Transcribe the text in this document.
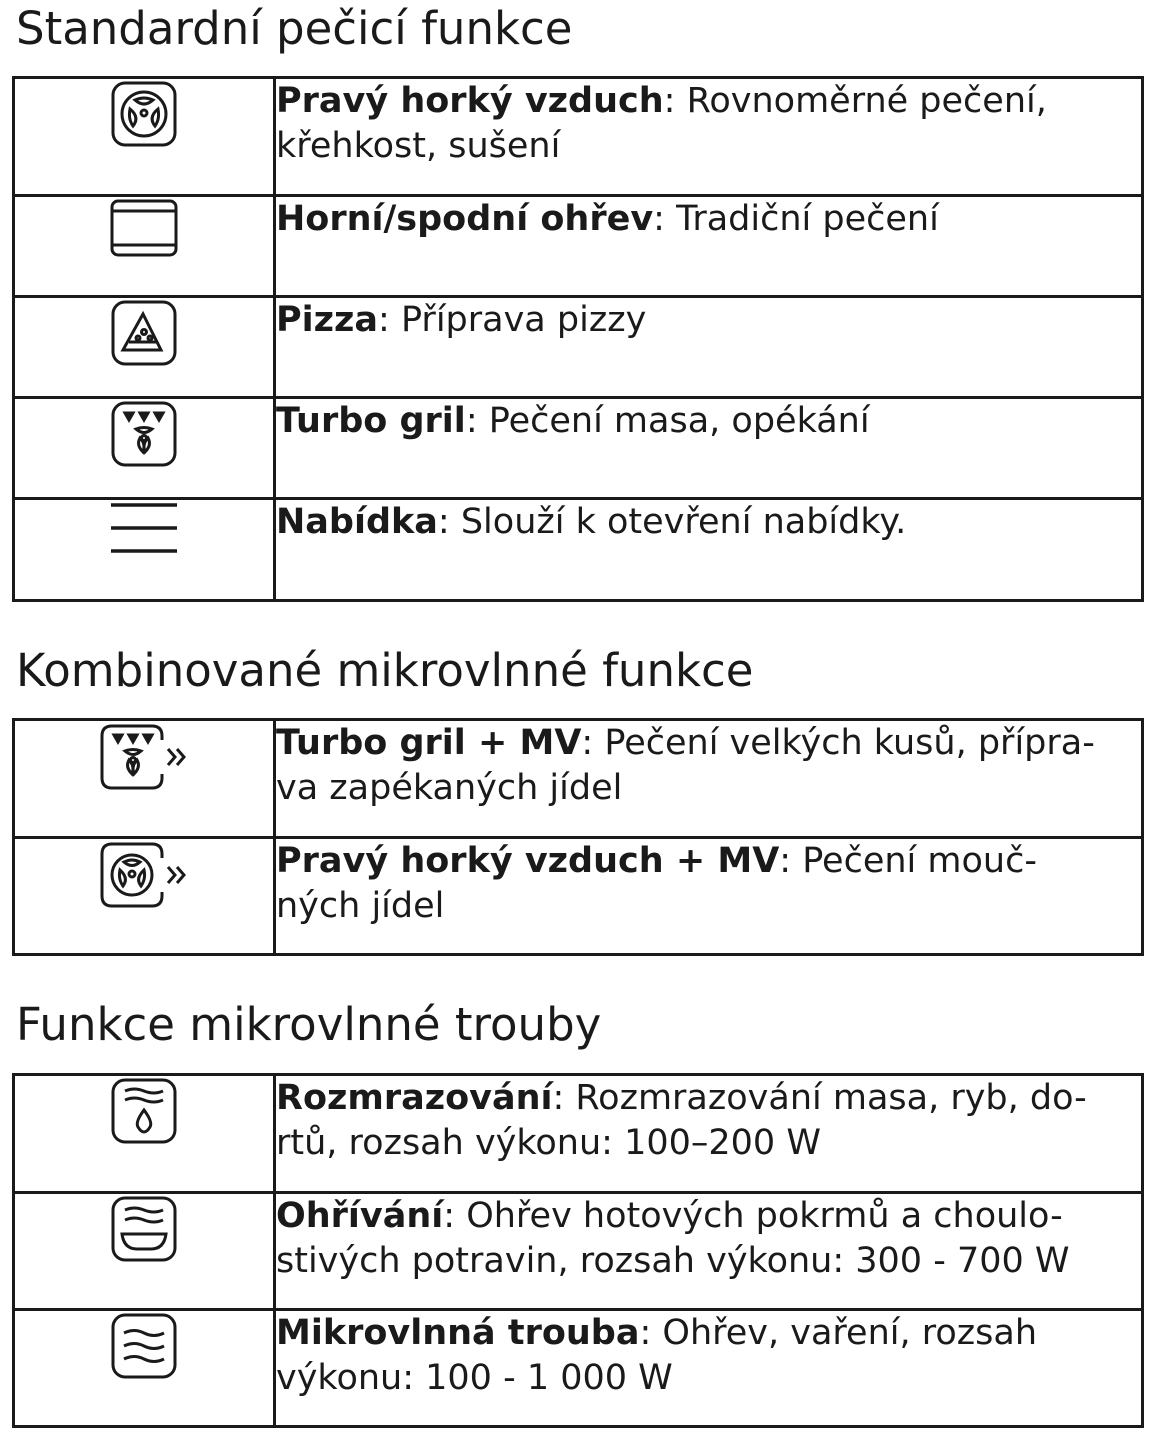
Standardní pečicí funkce
	Pravý horký vzduch: Rovnoměrné pečení,
křehkost, sušení

	Horní/spodní ohřev: Tradiční pečení

	Pizza: Příprava pizzy

	Turbo gril: Pečení masa, opékání

	Nabídka: Slouží k otevření nabídky.
Kombinované mikrovlnné funkce
	Turbo gril + MV: Pečení velkých kusů, přípra-
va zapékaných jídel

	Pravý horký vzduch + MV: Pečení mouč-
ných jídel
Funkce mikrovlnné trouby
	Rozmrazování: Rozmrazování masa, ryb, do-
rtů, rozsah výkonu: 100–200 W

	Ohřívání: Ohřev hotových pokrmů a choulo-
stivých potravin, rozsah výkonu: 300 - 700 W

	Mikrovlnná trouba: Ohřev, vaření, rozsah
výkonu: 100 - 1 000 W
